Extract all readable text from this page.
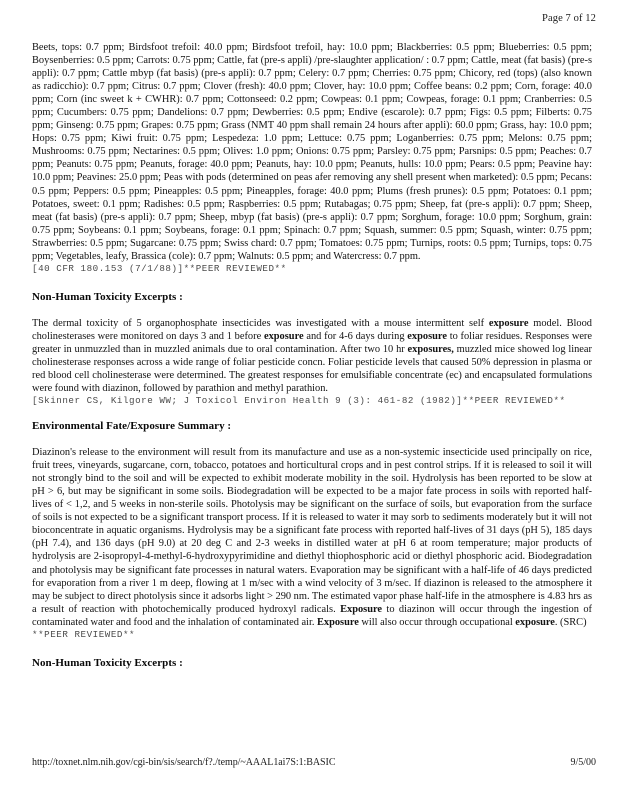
Page 7 of 12

Beets, tops: 0.7 ppm; Birdsfoot trefoil: 40.0 ppm; Birdsfoot trefoil, hay: 10.0 ppm; Blackberries: 0.5 ppm; Blueberries: 0.5 ppm; Boysenberries: 0.5 ppm; Carrots: 0.75 ppm; Cattle, fat (pre-s appli) /pre-slaughter application/ : 0.7 ppm; Cattle, meat (fat basis) (pre-s appli): 0.7 ppm; Cattle mbyp (fat basis) (pre-s appli): 0.7 ppm; Celery: 0.7 ppm; Cherries: 0.75 ppm; Chicory, red (tops) (also known as radicchio): 0.7 ppm; Citrus: 0.7 ppm; Clover (fresh): 40.0 ppm; Clover, hay: 10.0 ppm; Coffee beans: 0.2 ppm; Corn, forage: 40.0 ppm; Corn (inc sweet k + CWHR): 0.7 ppm; Cottonseed: 0.2 ppm; Cowpeas: 0.1 ppm; Cowpeas, forage: 0.1 ppm; Cranberries: 0.5 ppm; Cucumbers: 0.75 ppm; Dandelions: 0.7 ppm; Dewberries: 0.5 ppm; Endive (escarole): 0.7 ppm; Figs: 0.5 ppm; Filberts: 0.75 ppm; Ginseng: 0.75 ppm; Grapes: 0.75 ppm; Grass (NMT 40 ppm shall remain 24 hours after appli): 60.0 ppm; Grass, hay: 10.0 ppm; Hops: 0.75 ppm; Kiwi fruit: 0.75 ppm; Lespedeza: 1.0 ppm; Lettuce: 0.75 ppm; Loganberries: 0.75 ppm; Melons: 0.75 ppm; Mushrooms: 0.75 ppm; Nectarines: 0.5 ppm; Olives: 1.0 ppm; Onions: 0.75 ppm; Parsley: 0.75 ppm; Parsnips: 0.5 ppm; Peaches: 0.7 ppm; Peanuts: 0.75 ppm; Peanuts, forage: 40.0 ppm; Peanuts, hay: 10.0 ppm; Peanuts, hulls: 10.0 ppm; Pears: 0.5 ppm; Peavine hay: 10.0 ppm; Peavines: 25.0 ppm; Peas with pods (determined on peas afer removing any shell present when marketed): 0.5 ppm; Pecans: 0.5 ppm; Peppers: 0.5 ppm; Pineapples: 0.5 ppm; Pineapples, forage: 40.0 ppm; Plums (fresh prunes): 0.5 ppm; Potatoes: 0.1 ppm; Potatoes, sweet: 0.1 ppm; Radishes: 0.5 ppm; Raspberries: 0.5 ppm; Rutabagas; 0.75 ppm; Sheep, fat (pre-s appli): 0.7 ppm; Sheep, meat (fat basis) (pre-s appli): 0.7 ppm; Sheep, mbyp (fat basis) (pre-s appli): 0.7 ppm; Sorghum, forage: 10.0 ppm; Sorghum, grain: 0.75 ppm; Soybeans: 0.1 ppm; Soybeans, forage: 0.1 ppm; Spinach: 0.7 ppm; Squash, summer: 0.5 ppm; Squash, winter: 0.75 ppm; Strawberries: 0.5 ppm; Sugarcane: 0.75 ppm; Swiss chard: 0.7 ppm; Tomatoes: 0.75 ppm; Turnips, roots: 0.5 ppm; Turnips, tops: 0.75 ppm; Vegetables, leafy, Brassica (cole): 0.7 ppm; Walnuts: 0.5 ppm; and Watercress: 0.7 ppm.

[40 CFR 180.153 (7/1/88)]**PEER REVIEWED**

Non-Human Toxicity Excerpts :

The dermal toxicity of 5 organophosphate insecticides was investigated with a mouse intermittent self exposure model. Blood cholinesterases were monitored on days 3 and 1 before exposure and for 4-6 days during exposure to foliar residues. Responses were greater in unmuzzled than in muzzled animals due to oral contamination. After two 10 hr exposures, muzzled mice showed log linear cholinesterase responses across a wide range of foliar pesticide concn. Foliar pesticide levels that caused 50% depression in plasma or red blood cell cholinesterase were determined. The greatest responses for emulsifiable concentrate (ec) and encapsulated formulations were found with diazinon, followed by parathion and methyl parathion.

[Skinner CS, Kilgore WW; J Toxicol Environ Health 9 (3): 461-82 (1982)]**PEER REVIEWED**

Environmental Fate/Exposure Summary :

Diazinon's release to the environment will result from its manufacture and use as a non-systemic insecticide used principally on rice, fruit trees, vineyards, sugarcane, corn, tobacco, potatoes and horticultural crops and in pest control strips. If it is released to soil it will not strongly bind to the soil and will be expected to exhibit moderate mobility in the soil. Hydrolysis has been reported to be slow at pH > 6, but may be significant in some soils. Biodegradation will be expected to be a major fate process in soils with reported half-lives of < 1,2, and 5 weeks in non-sterile soils. Photolysis may be significant on the surface of soils, but evaporation from the surface of soils is not expected to be a significant transport process. If it is released to water it may sorb to sediments moderately but it will not bioconcentrate in aquatic organisms. Hydrolysis may be a significant fate process with reported half-lives of 31 days (pH 5), 185 days (pH 7.4), and 136 days (pH 9.0) at 20 deg C and 2-3 weeks in distilled water at pH 6 at room temperature; major products of hydrolysis are 2-isopropyl-4-methyl-6-hydroxypyrimidine and diethyl thiophosphoric acid or diethyl phosphoric acid. Biodegradation and photolysis may be significant fate processes in natural waters. Evaporation may be significant with a half-life of 46 days predicted for evaporation from a river 1 m deep, flowing at 1 m/sec with a wind velocity of 3 m/sec. If diazinon is released to the atmosphere it may be subject to direct photolysis since it adsorbs light > 290 nm. The estimated vapor phase half-life in the atmosphere is 4.83 hrs as a result of reaction with photochemically produced hydroxyl radicals. Exposure to diazinon will occur through the ingestion of contaminated water and food and the inhalation of contaminated air. Exposure will also occur through occupational exposure. (SRC)

**PEER REVIEWED**

Non-Human Toxicity Excerpts :

http://toxnet.nlm.nih.gov/cgi-bin/sis/search/f?./temp/~AAAL1ai7S:1:BASIC	9/5/00
